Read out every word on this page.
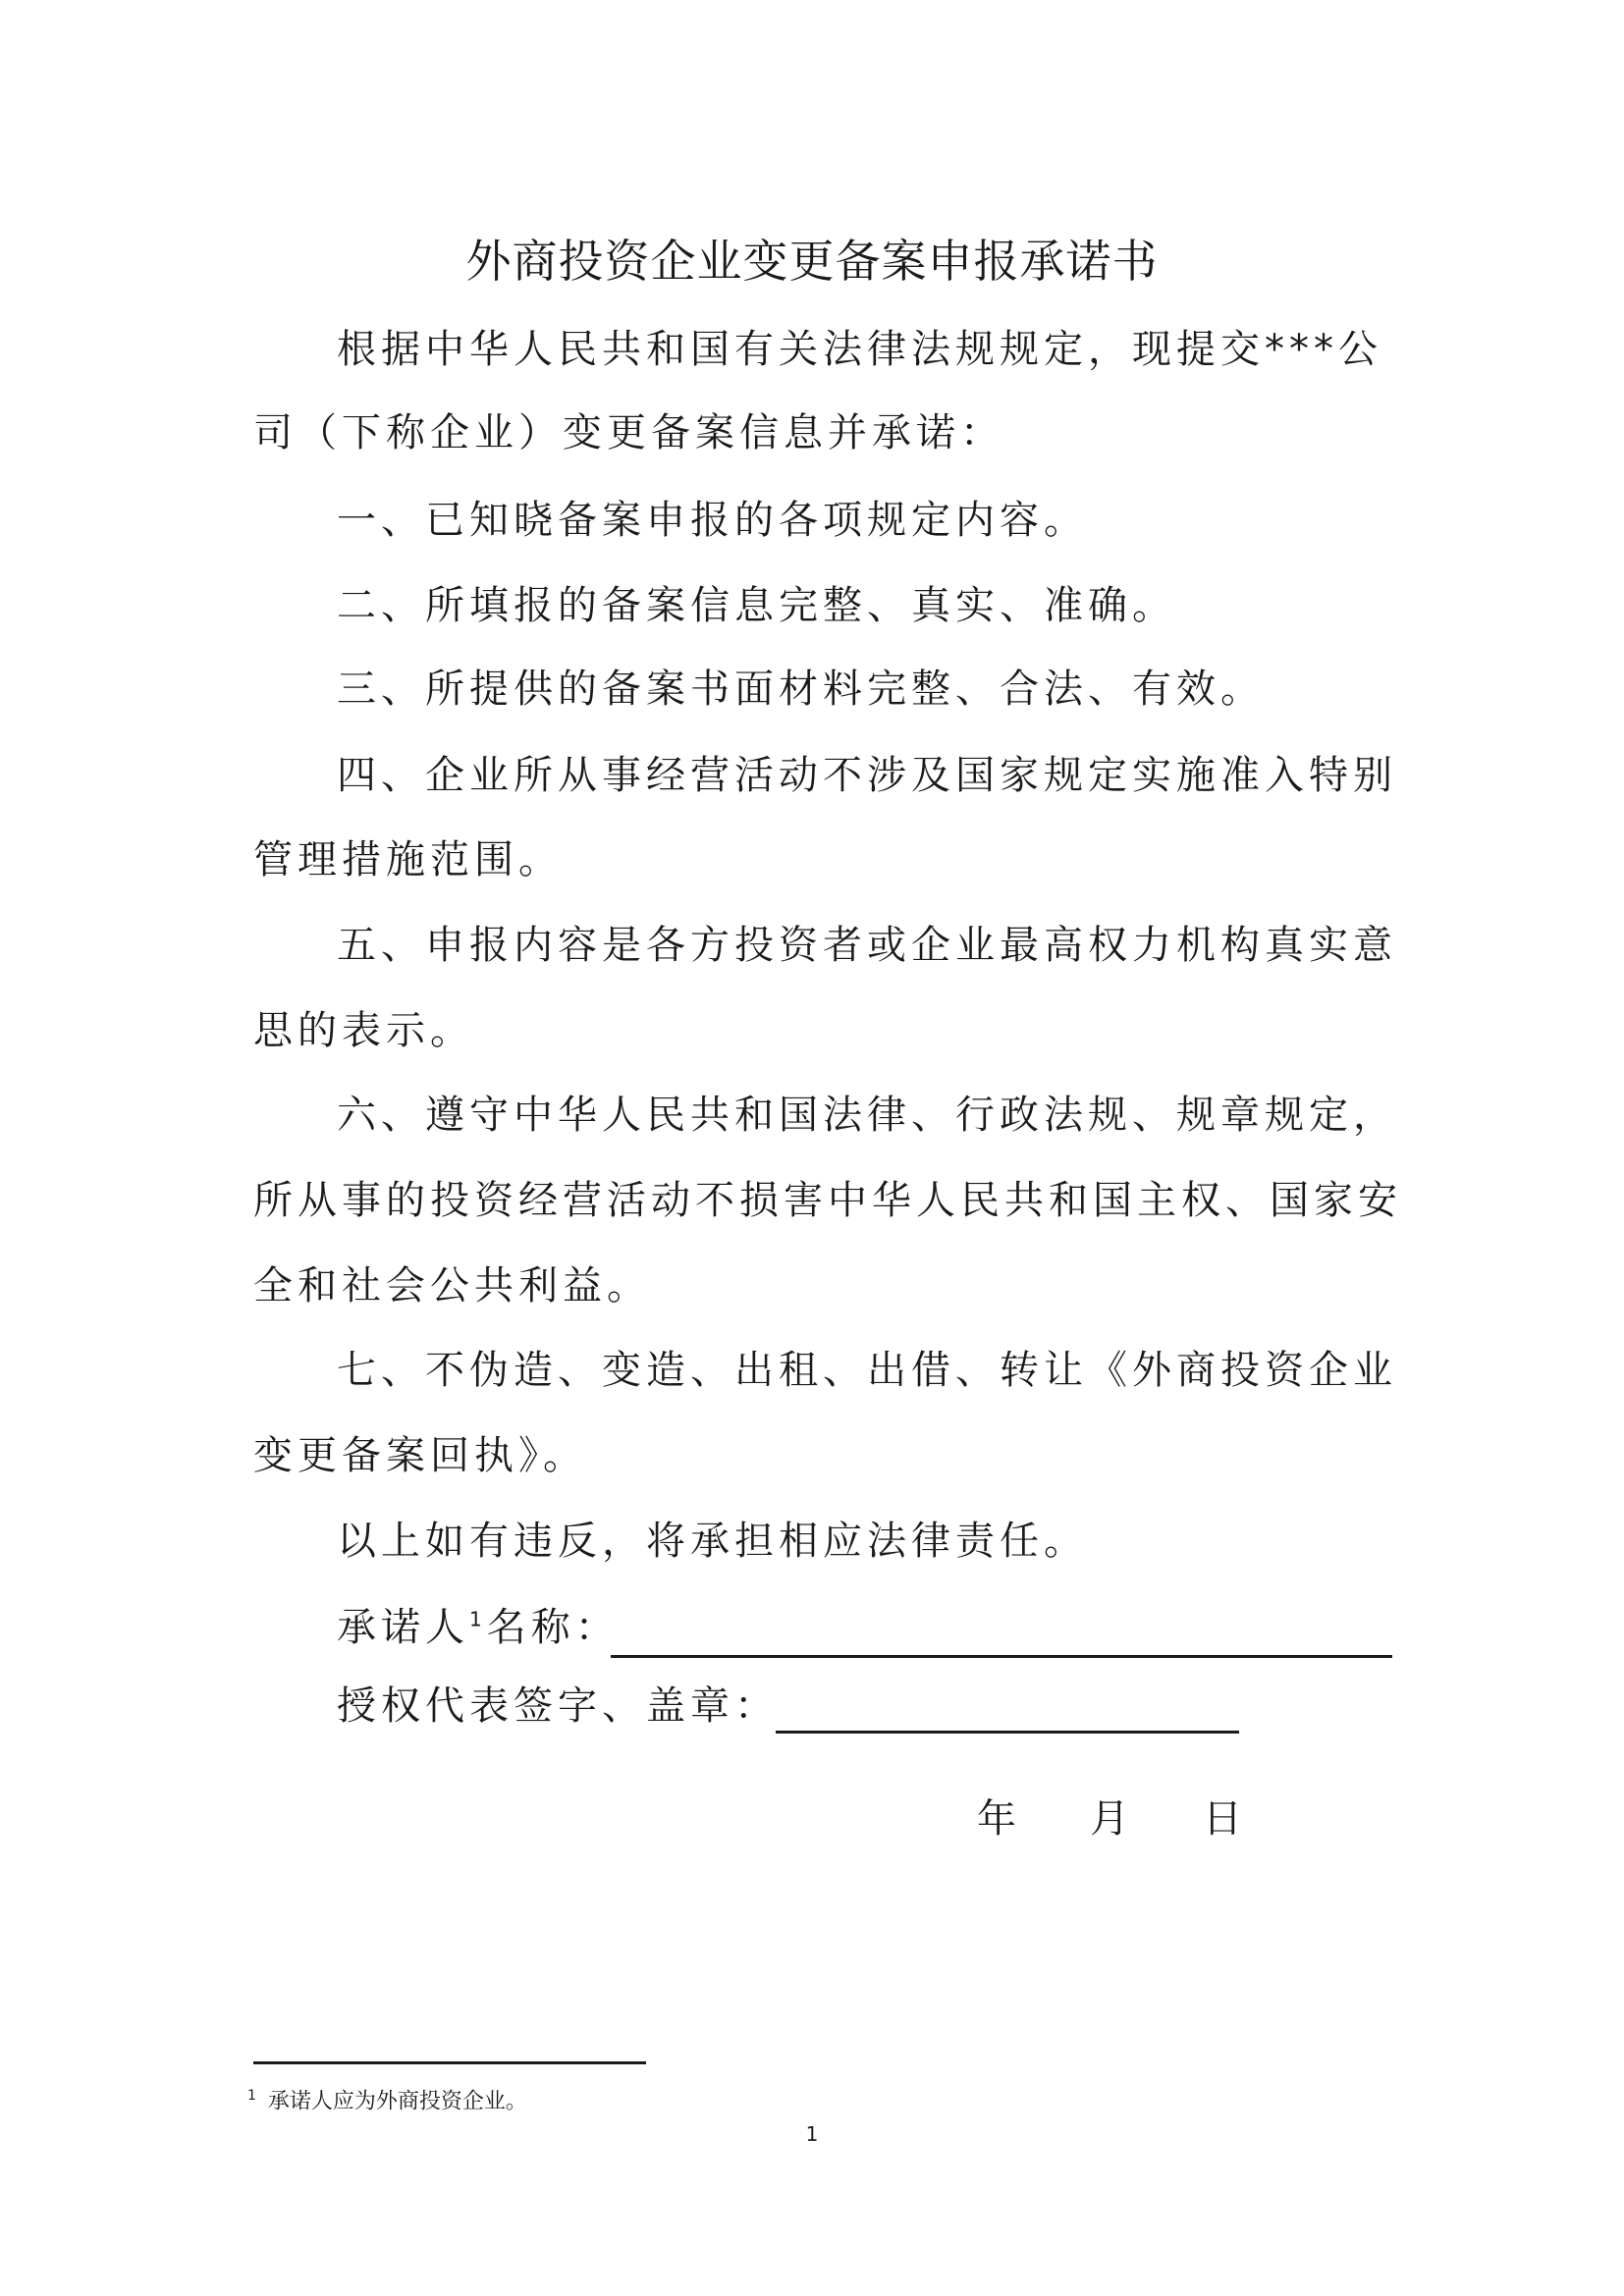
外商投资企业变更备案申报承诺书
根据中华人民共和国有关法律法规规定，现提交***公
司（下称企业）变更备案信息并承诺：
一、已知晓备案申报的各项规定内容。
二、所填报的备案信息完整、真实、准确。
三、所提供的备案书面材料完整、合法、有效。
四、企业所从事经营活动不涉及国家规定实施准入特别
管理措施范围。
五、申报内容是各方投资者或企业最高权力机构真实意
思的表示。
六、遵守中华人民共和国法律、行政法规、规章规定，
所从事的投资经营活动不损害中华人民共和国主权、国家安
全和社会公共利益。
七、不伪造、变造、出租、出借、转让《外商投资企业
变更备案回执》。
以上如有违反，将承担相应法律责任。
承诺人$^1$名称：
授权代表签字、盖章：
年 月 日
$^1$ 承诺人应为外商投资企业。
1
